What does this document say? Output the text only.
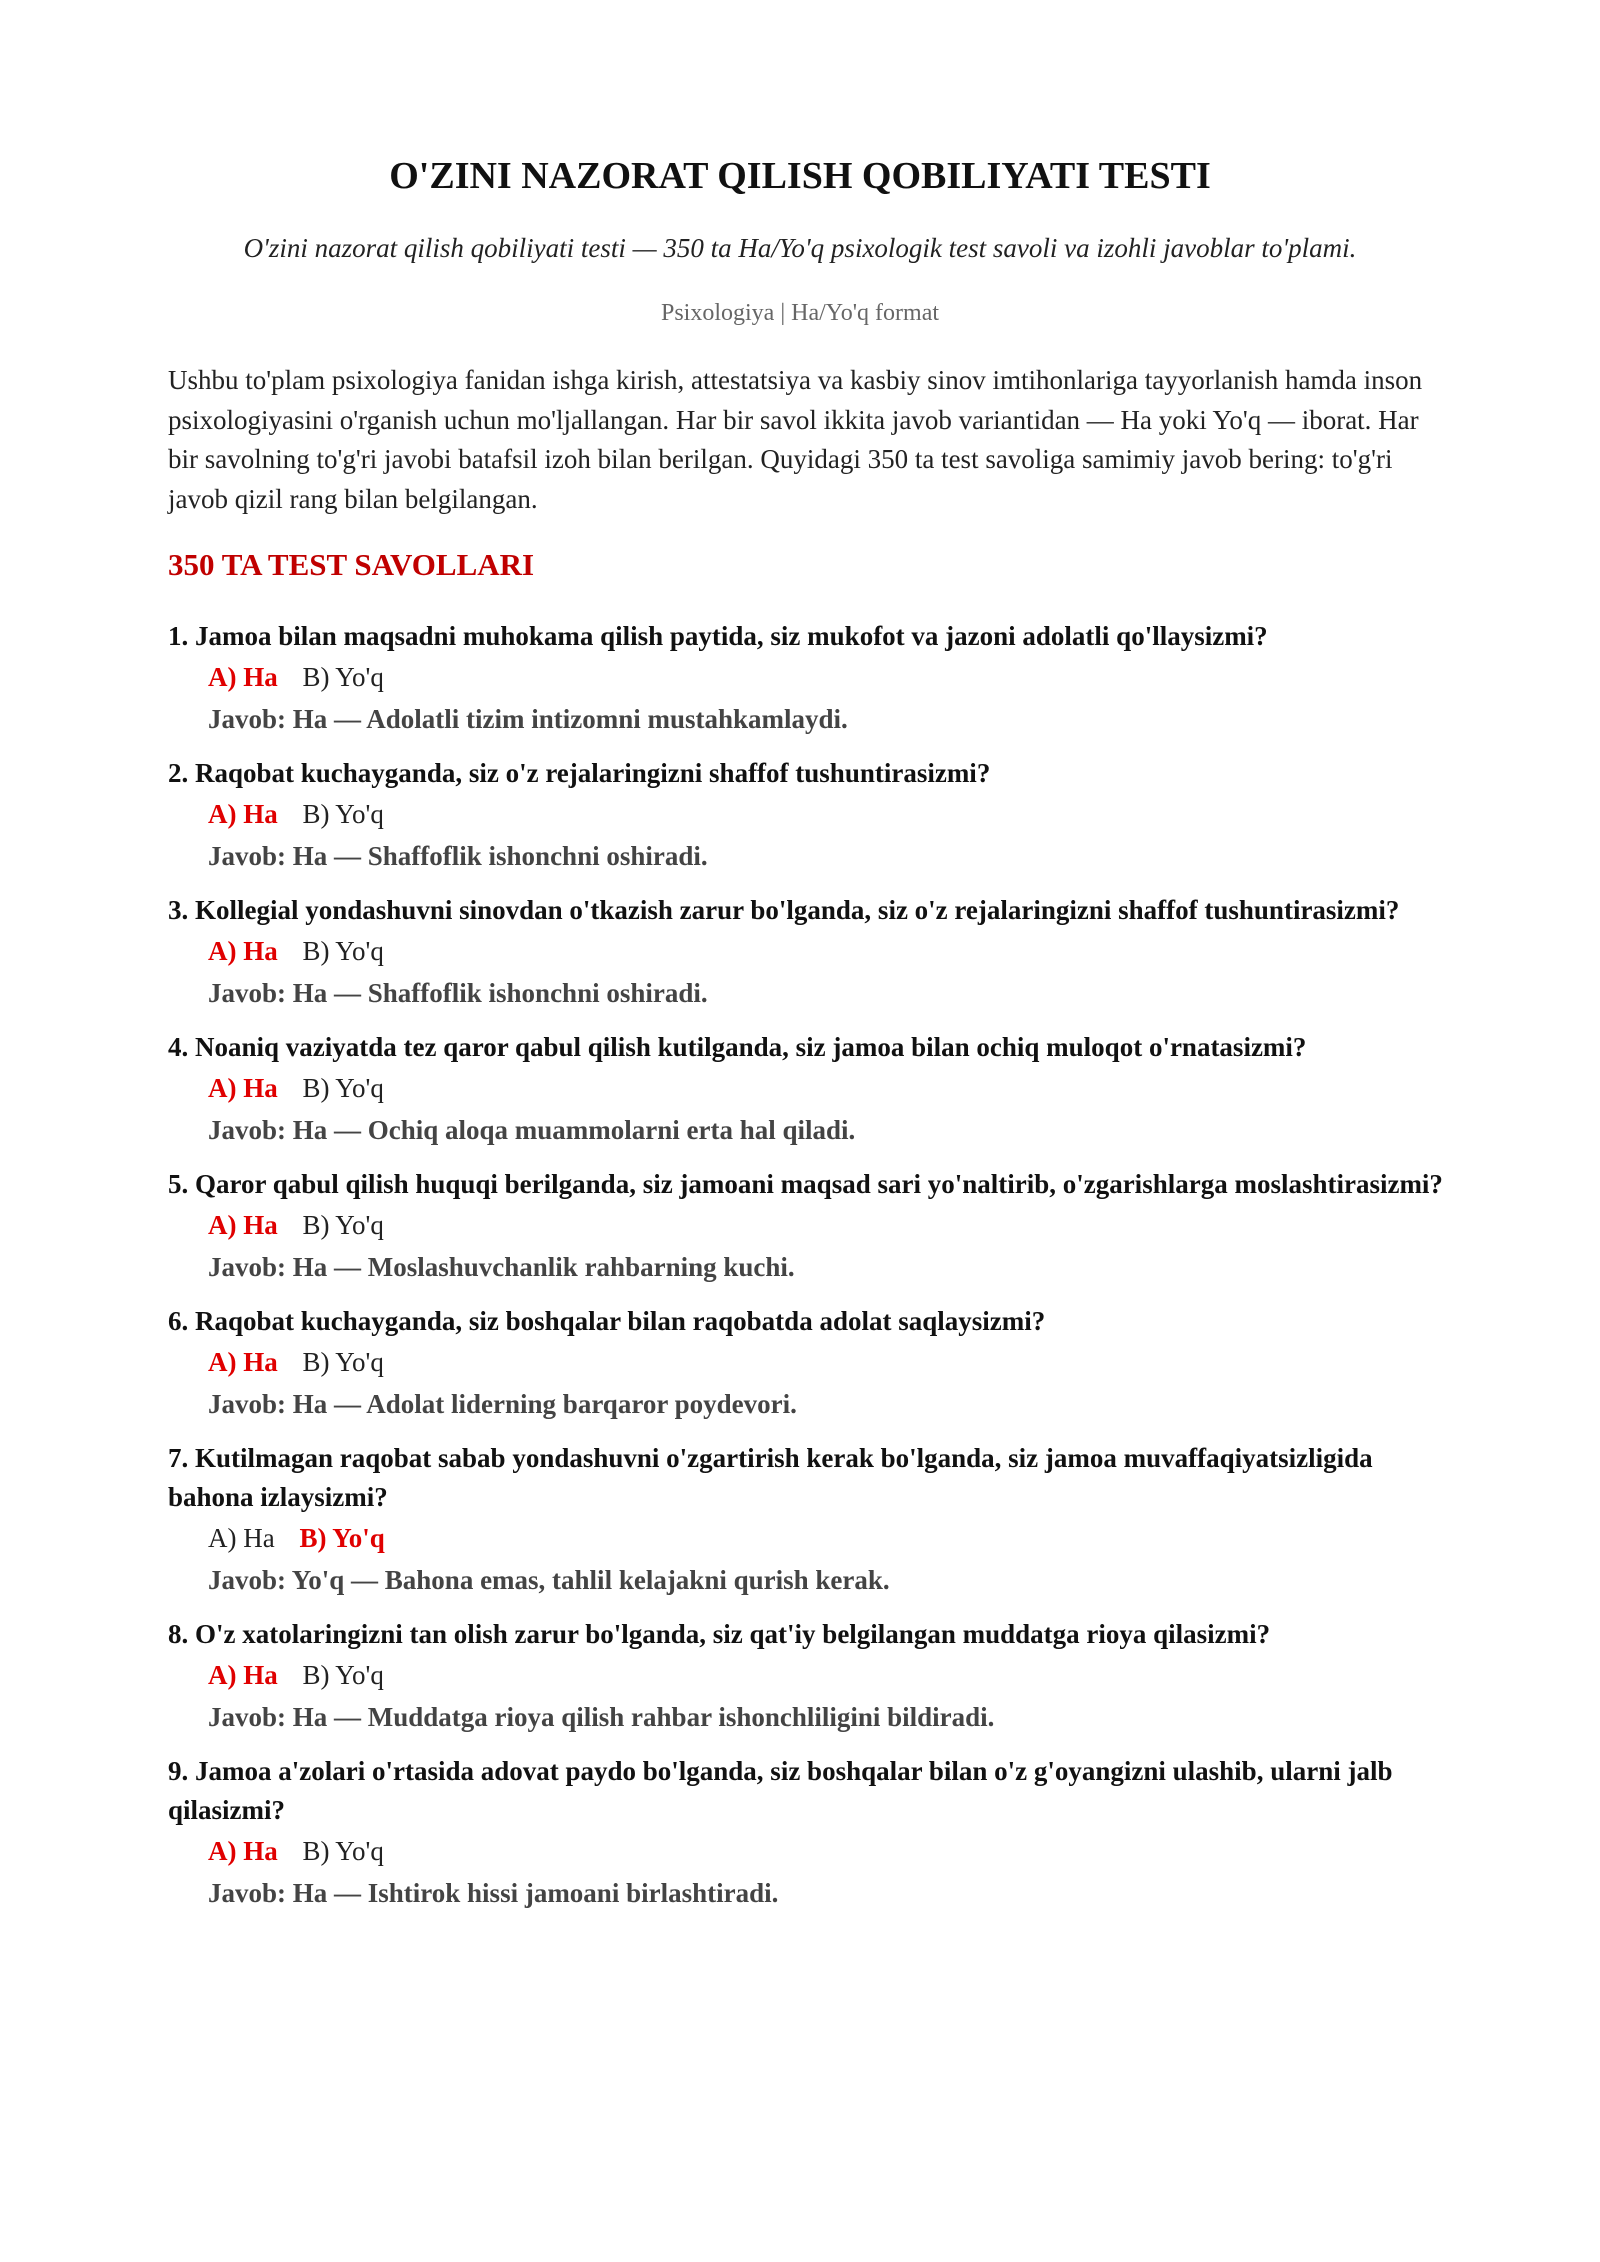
O'ZINI NAZORAT QILISH QOBILIYATI TESTI
O'zini nazorat qilish qobiliyati testi — 350 ta Ha/Yo'q psixologik test savoli va izohli javoblar to'plami.
Psixologiya | Ha/Yo'q format

Ushbu to'plam psixologiya fanidan ishga kirish, attestatsiya va kasbiy sinov imtihonlariga tayyorlanish hamda inson psixologiyasini o'rganish uchun mo'ljallangan. Har bir savol ikkita javob variantidan — Ha yoki Yo'q — iborat. Har bir savolning to'g'ri javobi batafsil izoh bilan berilgan. Quyidagi 350 ta test savoliga samimiy javob bering: to'g'ri javob qizil rang bilan belgilangan.

350 TA TEST SAVOLLARI

1. Jamoa bilan maqsadni muhokama qilish paytida, siz mukofot va jazoni adolatli qo'llaysizmi?

A) Ha B) Yo'q
Javob: Ha — Adolatli tizim intizomni mustahkamlaydi.

2. Raqobat kuchayganda, siz o'z rejalaringizni shaffof tushuntirasizmi?

A) Ha B) Yo'q
Javob: Ha — Shaffoflik ishonchni oshiradi.

3. Kollegial yondashuvni sinovdan o'tkazish zarur bo'lganda, siz o'z rejalaringizni shaffof tushuntirasizmi?

A) Ha B) Yo'q
Javob: Ha — Shaffoflik ishonchni oshiradi.

4. Noaniq vaziyatda tez qaror qabul qilish kutilganda, siz jamoa bilan ochiq muloqot o'rnatasizmi?

A) Ha B) Yo'q
Javob: Ha — Ochiq aloqa muammolarni erta hal qiladi.

5. Qaror qabul qilish huquqi berilganda, siz jamoani maqsad sari yo'naltirib, o'zgarishlarga moslashtirasizmi?

A) Ha B) Yo'q
Javob: Ha — Moslashuvchanlik rahbarning kuchi.

6. Raqobat kuchayganda, siz boshqalar bilan raqobatda adolat saqlaysizmi?

A) Ha B) Yo'q
Javob: Ha — Adolat liderning barqaror poydevori.

7. Kutilmagan raqobat sabab yondashuvni o'zgartirish kerak bo'lganda, siz jamoa muvaffaqiyatsizligida bahona izlaysizmi?

A) Ha B) Yo'q
Javob: Yo'q — Bahona emas, tahlil kelajakni qurish kerak.

8. O'z xatolaringizni tan olish zarur bo'lganda, siz qat'iy belgilangan muddatga rioya qilasizmi?

A) Ha B) Yo'q
Javob: Ha — Muddatga rioya qilish rahbar ishonchliligini bildiradi.

9. Jamoa a'zolari o'rtasida adovat paydo bo'lganda, siz boshqalar bilan o'z g'oyangizni ulashib, ularni jalb qilasizmi?

A) Ha B) Yo'q
Javob: Ha — Ishtirok hissi jamoani birlashtiradi.
